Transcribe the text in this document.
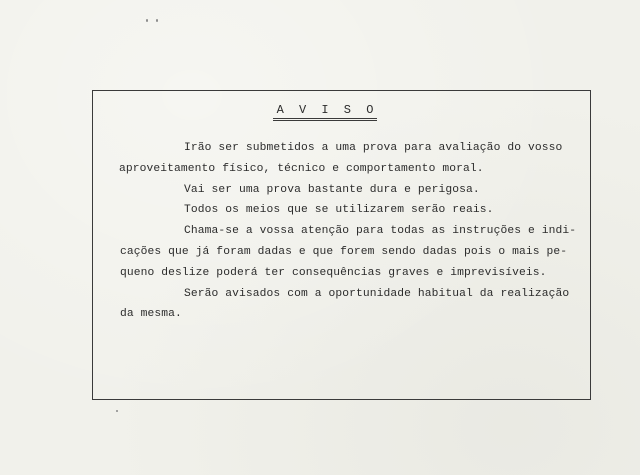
A V I S O
Irão ser submetidos a uma prova para avaliação do vosso
aproveitamento físico, técnico e comportamento moral.
Vai ser uma prova bastante dura e perigosa.
Todos os meios que se utilizarem serão reais.
Chama-se a vossa atenção para todas as instruções e indi-
cações que já foram dadas e que forem sendo dadas pois o mais pe-
queno deslize poderá ter consequências graves e imprevisíveis.
Serão avisados com a oportunidade habitual da realização
da mesma.
